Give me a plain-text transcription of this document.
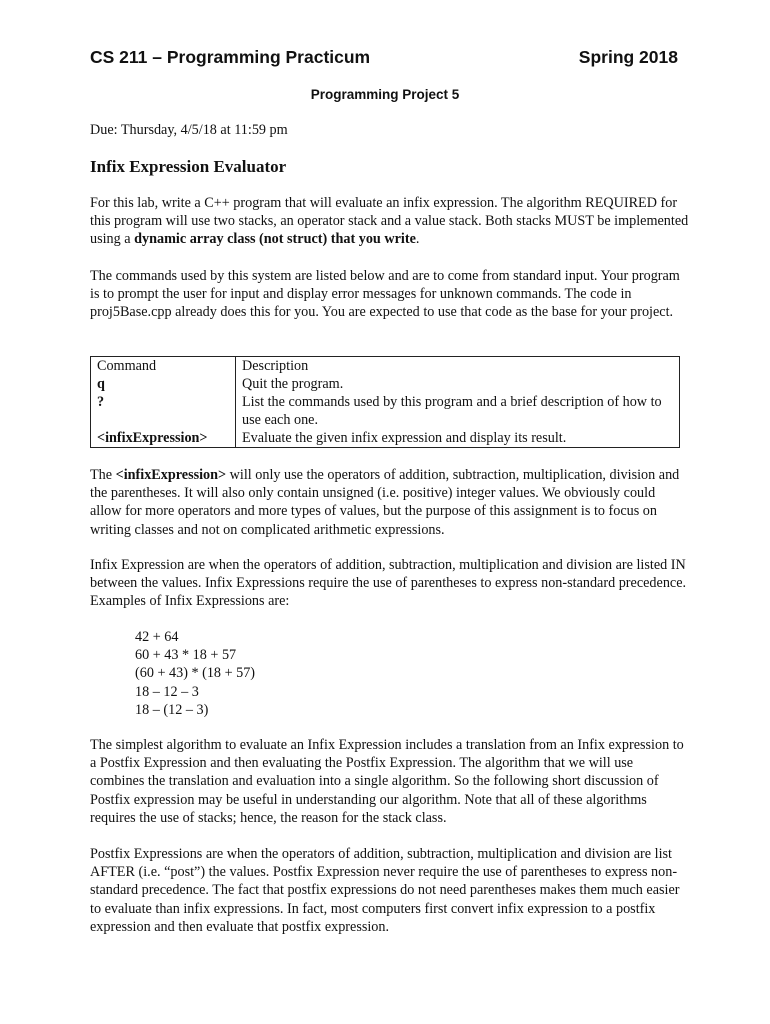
CS 211 – Programming Practicum	Spring 2018
Programming Project 5
Due: Thursday, 4/5/18 at 11:59 pm
Infix Expression Evaluator
For this lab, write a C++ program that will evaluate an infix expression. The algorithm REQUIRED for this program will use two stacks, an operator stack and a value stack. Both stacks MUST be implemented using a dynamic array class (not struct) that you write.
The commands used by this system are listed below and are to come from standard input. Your program is to prompt the user for input and display error messages for unknown commands. The code in proj5Base.cpp already does this for you. You are expected to use that code as the base for your project.
Command	Description
q	Quit the program.
?	List the commands used by this program and a brief description of how to use each one.
<infixExpression>	Evaluate the given infix expression and display its result.
The <infixExpression> will only use the operators of addition, subtraction, multiplication, division and the parentheses. It will also only contain unsigned (i.e. positive) integer values. We obviously could allow for more operators and more types of values, but the purpose of this assignment is to focus on writing classes and not on complicated arithmetic expressions.
Infix Expression are when the operators of addition, subtraction, multiplication and division are listed IN between the values. Infix Expressions require the use of parentheses to express non-standard precedence. Examples of Infix Expressions are:
42 + 64
60 + 43 * 18 + 57
(60 + 43) * (18 + 57)
18 – 12 – 3
18 – (12 – 3)
The simplest algorithm to evaluate an Infix Expression includes a translation from an Infix expression to a Postfix Expression and then evaluating the Postfix Expression. The algorithm that we will use combines the translation and evaluation into a single algorithm. So the following short discussion of Postfix expression may be useful in understanding our algorithm. Note that all of these algorithms requires the use of stacks; hence, the reason for the stack class.
Postfix Expressions are when the operators of addition, subtraction, multiplication and division are list AFTER (i.e. “post”) the values. Postfix Expression never require the use of parentheses to express non-standard precedence. The fact that postfix expressions do not need parentheses makes them much easier to evaluate than infix expressions. In fact, most computers first convert infix expression to a postfix expression and then evaluate that postfix expression.
